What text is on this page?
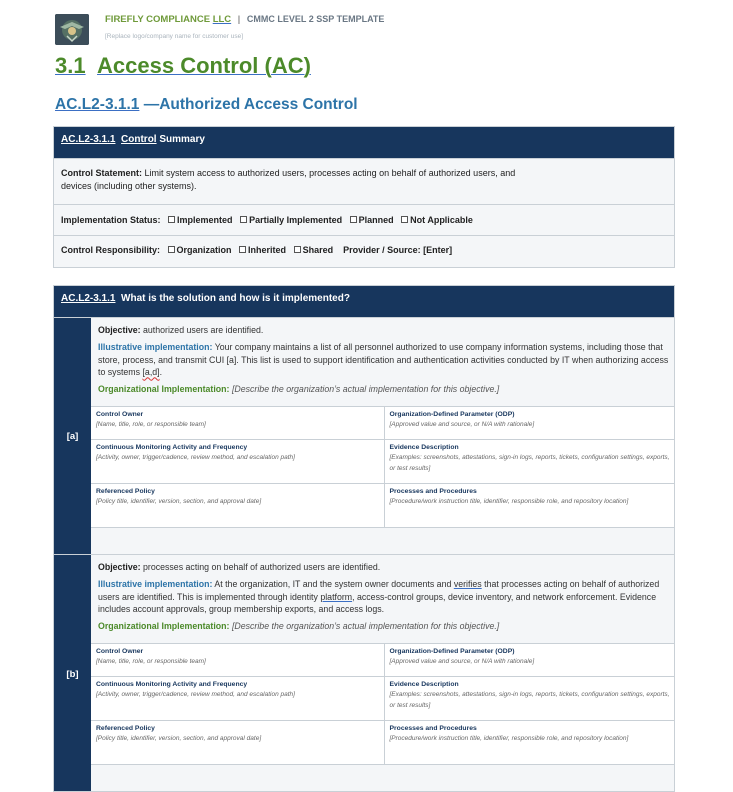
FIREFLY COMPLIANCE LLC | CMMC LEVEL 2 SSP TEMPLATE
[Replace logo/company name for customer use]
3.1 Access Control (AC)
AC.L2-3.1.1 —Authorized Access Control
AC.L2-3.1.1 Control Summary
Control Statement: Limit system access to authorized users, processes acting on behalf of authorized users, and
devices (including other systems).
Implementation Status: Implemented Partially Implemented Planned Not Applicable
Control Responsibility: Organization Inherited Shared Provider / Source: [Enter]
AC.L2-3.1.1 What is the solution and how is it implemented?
[a]

Objective: authorized users are identified.

Illustrative implementation: Your company maintains a list of all personnel authorized to use company information systems, including those that store, process, and transmit CUI [a]. This list is used to support identification and authentication activities conducted by IT when authorizing access to systems [a,d].

Organizational Implementation: [Describe the organization’s actual implementation for this objective.]

Control Owner
[Name, title, role, or responsible team]
Organization-Defined Parameter (ODP)
[Approved value and source, or N/A with rationale]
Continuous Monitoring Activity and Frequency
[Activity, owner, trigger/cadence, review method, and escalation path]
Evidence Description
[Examples: screenshots, attestations, sign-in logs, reports, tickets, configuration settings, exports, or test results]
Referenced Policy
[Policy title, identifier, version, section, and approval date]
Processes and Procedures
[Procedure/work instruction title, identifier, responsible role, and repository location]
[b]

Objective: processes acting on behalf of authorized users are identified.

Illustrative implementation: At the organization, IT and the system owner documents and verifies that processes acting on behalf of authorized users are identified. This is implemented through identity platform, access-control groups, device inventory, and network enforcement. Evidence includes account approvals, group membership exports, and access logs.

Organizational Implementation: [Describe the organization’s actual implementation for this objective.]

Control Owner
[Name, title, role, or responsible team]
Organization-Defined Parameter (ODP)
[Approved value and source, or N/A with rationale]
Continuous Monitoring Activity and Frequency
[Activity, owner, trigger/cadence, review method, and escalation path]
Evidence Description
[Examples: screenshots, attestations, sign-in logs, reports, tickets, configuration settings, exports, or test results]
Referenced Policy
[Policy title, identifier, version, section, and approval date]
Processes and Procedures
[Procedure/work instruction title, identifier, responsible role, and repository location]
